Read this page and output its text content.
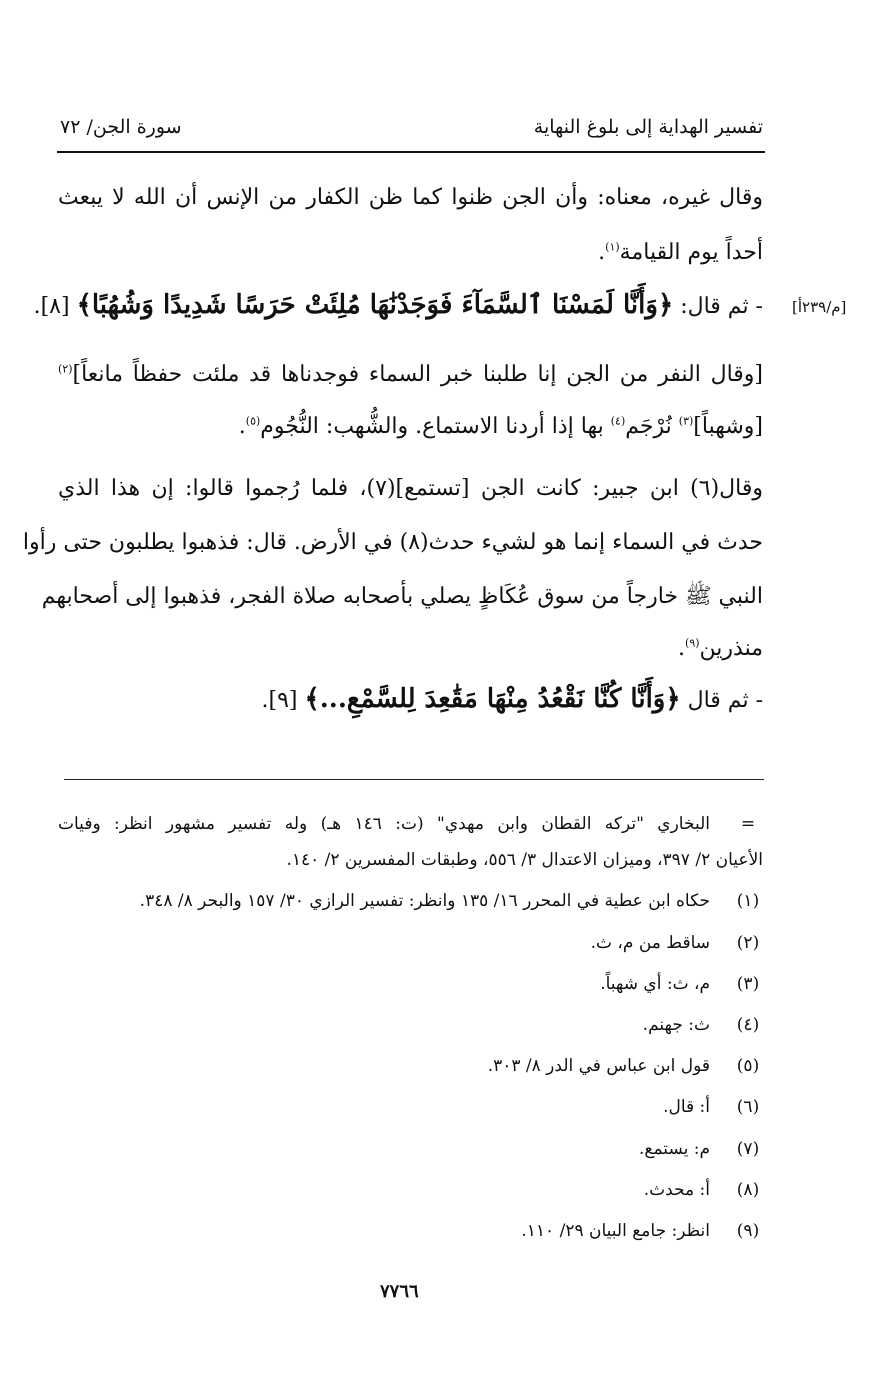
تفسير الهداية إلى بلوغ النهاية
سورة الجن/ ٧٢
[م/٢٣٩أ]
وقال غيره، معناه: وأن الجن ظنوا كما ظن الكفار من الإنس أن الله لا يبعث
أحداً يوم القيامة$^{(١)}$.
- ثم قال: ﴿وَأَنَّا لَمَسْنَا ٱلسَّمَآءَ فَوَجَدْنَٰهَا مُلِئَتْ حَرَسًا شَدِيدًا وَشُهُبًا﴾ [٨].
[وقال النفر من الجن إنا طلبنا خبر السماء فوجدناها قد ملئت حفظاً مانعاً]$^{(٢)}$
[وشهباً]$^{(٣)}$ نُرْجَم$^{(٤)}$ بها إذا أردنا الاستماع. والشُّهب: النُّجُوم$^{(٥)}$.
وقال(٦) ابن جبير: كانت الجن [تستمع](٧)، فلما رُجموا قالوا: إن هذا الذي
حدث في السماء إنما هو لشيء حدث(٨) في الأرض. قال: فذهبوا يطلبون حتى رأوا
النبي ﷺ خارجاً من سوق عُكَاظٍ يصلي بأصحابه صلاة الفجر، فذهبوا إلى أصحابهم
منذرين$^{(٩)}$.
- ثم قال ﴿وَأَنَّا كُنَّا نَقْعُدُ مِنْهَا مَقَٰعِدَ لِلسَّمْعِ...﴾ [٩].
=
البخاري "تركه القطان وابن مهدي" (ت: ١٤٦ هـ) وله تفسير مشهور انظر: وفيات
الأعيان ٢/ ٣٩٧، وميزان الاعتدال ٣/ ٥٥٦، وطبقات المفسرين ٢/ ١٤٠.
(١)
حكاه ابن عطية في المحرر ١٦/ ١٣٥ وانظر: تفسير الرازي ٣٠/ ١٥٧ والبحر ٨/ ٣٤٨.
(٢)
ساقط من م، ث.
(٣)
م، ث: أي شهباً.
(٤)
ث: جهنم.
(٥)
قول ابن عباس في الدر ٨/ ٣٠٣.
(٦)
أ: قال.
(٧)
م: يستمع.
(٨)
أ: محدث.
(٩)
انظر: جامع البيان ٢٩/ ١١٠.
٧٧٦٦
